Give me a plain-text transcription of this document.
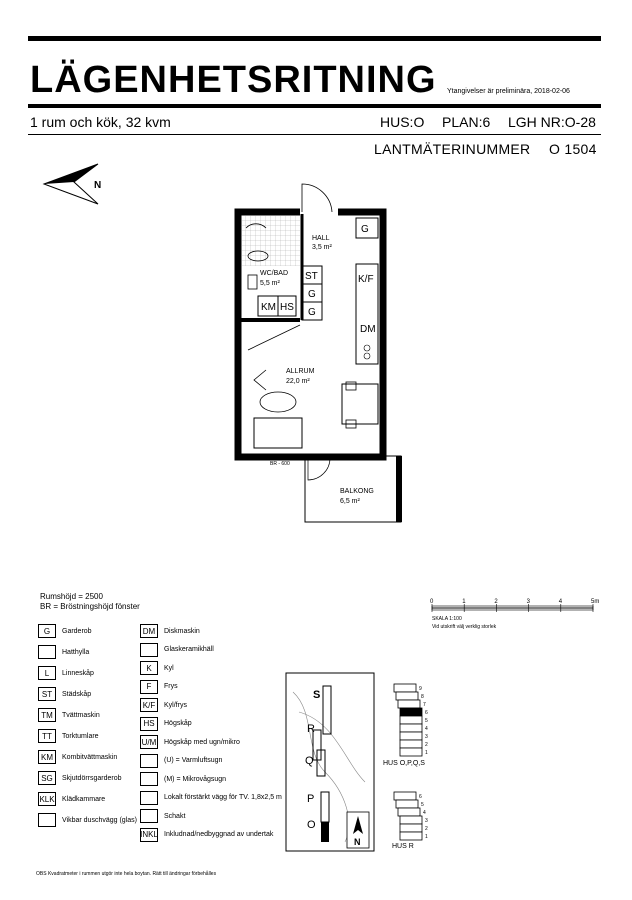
LÄGENHETSRITNING Ytangivelser är preliminära, 2018-02-06
1 rum och kök, 32 kvm	HUS:O PLAN:6 LGH NR:O-28
LANTMÄTERINUMMER O 1504
N
KM HS
ST
G
G
G
K/F
DM
HALL
3,5 m²
WC/BAD
5,5 m²
ALLRUM
22,0 m²
BALKONG
6,5 m²
BR - 600
Rumshöjd = 2500
BR = Bröstningshöjd fönster
G	Garderob
Hatthylla
L	Linneskåp
ST	Städskåp
TM	Tvättmaskin
TT	Torktumlare
KM	Kombitvättmaskin
SG	Skjutdörrsgarderob
KLK Klädkammare
Vikbar duschvägg (glas)
DM	Diskmaskin
Glaskeramikhäll
K	Kyl
F	Frys
K/F	Kyl/frys
HS	Högskåp
U/M Högskåp med ugn/mikro
(U) = Varmluftsugn
(M) = Mikrovågsugn
Lokalt förstärkt vägg för TV. 1,8x2,5 m
Schakt
INKL Inkludnad/nedbyggnad av undertak
0	1	2	3	4	5m
SKALA 1:100
Vid utskrift välj verklig storlek
S
R
Q
P
O
N
9
8
7
6
5
4
3
2
1
HUS O,P,Q,S
6
5
4
3
2
1
HUS R
OBS Kvadratmeter i rummen utgör inte hela boytan. Rätt till ändringar förbehålles
